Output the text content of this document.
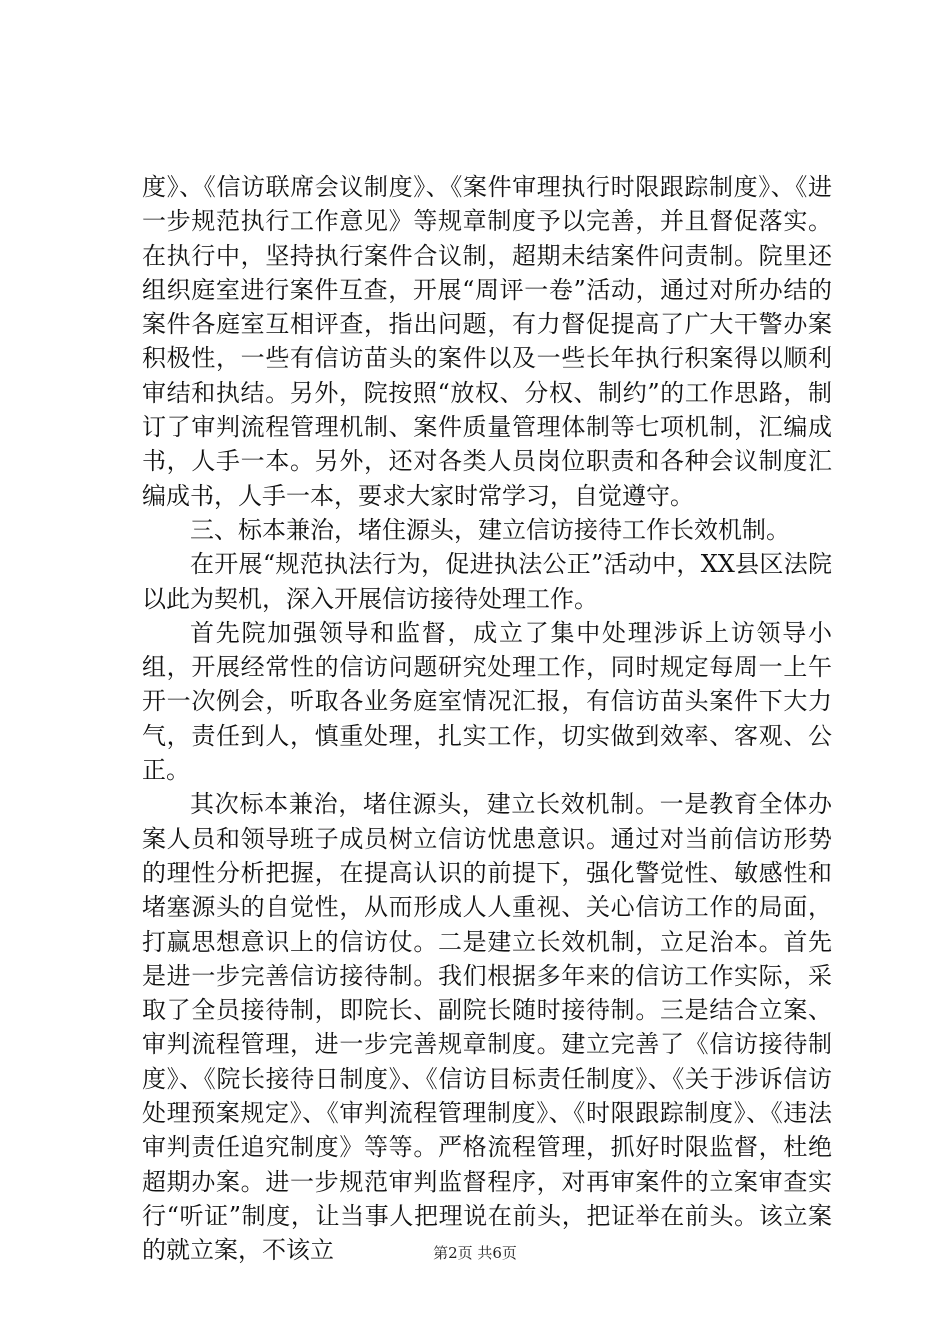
度》、《信访联席会议制度》、《案件审理执行时限跟踪制度》、《进一步规范执行工作意见》等规章制度予以完善，并且督促落实。在执行中，坚持执行案件合议制，超期未结案件问责制。院里还组织庭室进行案件互查，开展“周评一卷”活动，通过对所办结的案件各庭室互相评查，指出问题，有力督促提高了广大干警办案积极性，一些有信访苗头的案件以及一些长年执行积案得以顺利审结和执结。另外，院按照“放权、分权、制约”的工作思路，制订了审判流程管理机制、案件质量管理体制等七项机制，汇编成书，人手一本。另外，还对各类人员岗位职责和各种会议制度汇编成书，人手一本，要求大家时常学习，自觉遵守。

三、标本兼治，堵住源头，建立信访接待工作长效机制。

在开展“规范执法行为，促进执法公正”活动中，XX县区法院以此为契机，深入开展信访接待处理工作。

首先院加强领导和监督，成立了集中处理涉诉上访领导小组，开展经常性的信访问题研究处理工作，同时规定每周一上午开一次例会，听取各业务庭室情况汇报，有信访苗头案件下大力气，责任到人，慎重处理，扎实工作，切实做到效率、客观、公正。

其次标本兼治，堵住源头，建立长效机制。一是教育全体办案人员和领导班子成员树立信访忧患意识。通过对当前信访形势的理性分析把握，在提高认识的前提下，强化警觉性、敏感性和堵塞源头的自觉性，从而形成人人重视、关心信访工作的局面，打赢思想意识上的信访仗。二是建立长效机制，立足治本。首先是进一步完善信访接待制。我们根据多年来的信访工作实际，采取了全员接待制，即院长、副院长随时接待制。三是结合立案、审判流程管理，进一步完善规章制度。建立完善了《信访接待制度》、《院长接待日制度》、《信访目标责任制度》、《关于涉诉信访处理预案规定》、《审判流程管理制度》、《时限跟踪制度》、《违法审判责任追究制度》等等。严格流程管理，抓好时限监督，杜绝超期办案。进一步规范审判监督程序，对再审案件的立案审查实行“听证”制度，让当事人把理说在前头，把证举在前头。该立案的就立案，不该立	第2页 共6页
